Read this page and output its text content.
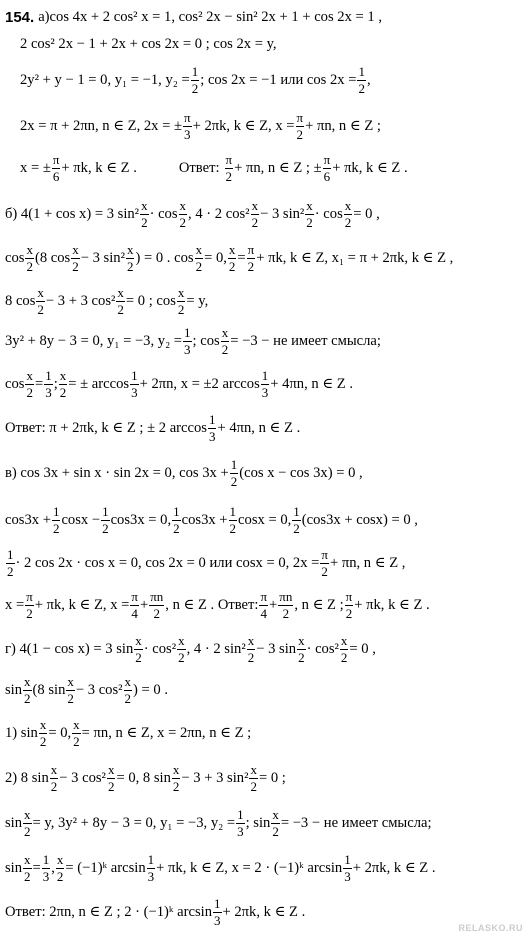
154. а) cos 4x + 2 cos² x = 1, cos² 2x − sin² 2x + 1 + cos 2x = 1 ,
2 cos² 2x − 1 + 2x + cos 2x = 0 ; cos 2x = y,
2y² + y − 1 = 0, y₁ = −1, $y_2 = \frac{1}{2}$ ; cos 2x = −1 или $\cos 2x = \frac{1}{2}$ ,
2x = π + 2πn, n ∈ Z, 2x = ± $\frac{\pi}{3} + 2\pi k$, k ∈ Z, $x = \frac{\pi}{2} + \pi n$, n ∈ Z ;
x = ± $\frac{\pi}{6} + \pi k$, k ∈ Z .	Ответ: $\frac{\pi}{2} + \pi n$, n ∈ Z ; ± $\frac{\pi}{6} + \pi k$, k ∈ Z .
б) 4(1 + cos x) = 3 $\sin^2 \frac{x}{2} \cdot \cos \frac{x}{2}$ , 4 · 2 $\cos^2 \frac{x}{2} - 3$ $\sin^2 \frac{x}{2} \cdot \cos \frac{x}{2} = 0$ ,
$\cos \frac{x}{2} (8$ $\cos \frac{x}{2} - 3$ $\sin^2 \frac{x}{2}$ ) = 0 . $\cos \frac{x}{2} = 0$, $\frac{x}{2} = \frac{\pi}{2} + \pi k$, k ∈ Z, x₁ = π + 2πk, k ∈ Z ,
8 $\cos \frac{x}{2} - 3 + 3$ $\cos^2 \frac{x}{2} = 0$ ; $\cos \frac{x}{2} = y$,
3y² + 8y − 3 = 0, y₁ = −3, $y_2 = \frac{1}{3}$ ; $\cos \frac{x}{2} = -3$ − не имеет смысла;
$\cos \frac{x}{2} = \frac{1}{3}$ ; $\frac{x}{2}$ = ± $\arccos \frac{1}{3} + 2\pi n$, x = ±2 $\arccos \frac{1}{3} + 4\pi n$, n ∈ Z .
Ответ: π + 2πk, k ∈ Z ; ± 2 $\arccos \frac{1}{3} + 4\pi n$, n ∈ Z .
в) cos 3x + sin x · sin 2x = 0, $\cos 3x + \frac{1}{2} (\cos$ x − cos 3x) = 0 ,
$\cos 3x + \frac{1}{2}$ $\cos x - \frac{1}{2} \cos 3x = 0$, $\frac{1}{2} \cos 3x + \frac{1}{2}$ cosx = 0, $\frac{1}{2} (\cos 3x + \cos x) = 0$ ,
$\frac{1}{2} \cdot 2$ cos 2x · cos x = 0, cos 2x = 0 или cosx = 0, $2x = \frac{\pi}{2} + \pi n$, n ∈ Z ,
$x = \frac{\pi}{2} + \pi k$, k ∈ Z, $x = \frac{\pi}{4} + \frac{\pi n}{2}$ , n ∈ Z . Ответ: $\frac{\pi}{4} + \frac{\pi n}{2}$ , n ∈ Z ; $\frac{\pi}{2} + \pi k$, k ∈ Z .
г) 4(1 − cos x) = 3 $\sin \frac{x}{2} \cdot \cos^2 \frac{x}{2}$ , 4 · 2 $\sin^2 \frac{x}{2} - 3$ $\sin \frac{x}{2} \cdot \cos^2 \frac{x}{2} = 0$ ,
$\sin \frac{x}{2} (8$ $\sin \frac{x}{2} - 3$ $\cos^2 \frac{x}{2}$ ) = 0 .
1) $\sin \frac{x}{2} = 0$, $\frac{x}{2} = \pi n$, n ∈ Z, x = 2πn, n ∈ Z ;
2) 8 $\sin \frac{x}{2} - 3$ $\cos^2 \frac{x}{2} = 0$, 8 $\sin \frac{x}{2} - 3 + 3$ $\sin^2 \frac{x}{2} = 0$ ;
$\sin \frac{x}{2} = y$, 3y² + 8y − 3 = 0, y₁ = −3, $y_2 = \frac{1}{3}$ ; $\sin \frac{x}{2} = -3$ − не имеет смысла;
$\sin \frac{x}{2} = \frac{1}{3}$ , $\frac{x}{2}$ = (−1)ᵏ $\arcsin \frac{1}{3} + \pi k$, k ∈ Z, x = 2 · (−1)ᵏ $\arcsin \frac{1}{3} + 2\pi k$, k ∈ Z .
Ответ: 2πn, n ∈ Z ; 2 · (−1)ᵏ $\arcsin \frac{1}{3} + 2\pi k$, k ∈ Z .
RELASKO.RU
